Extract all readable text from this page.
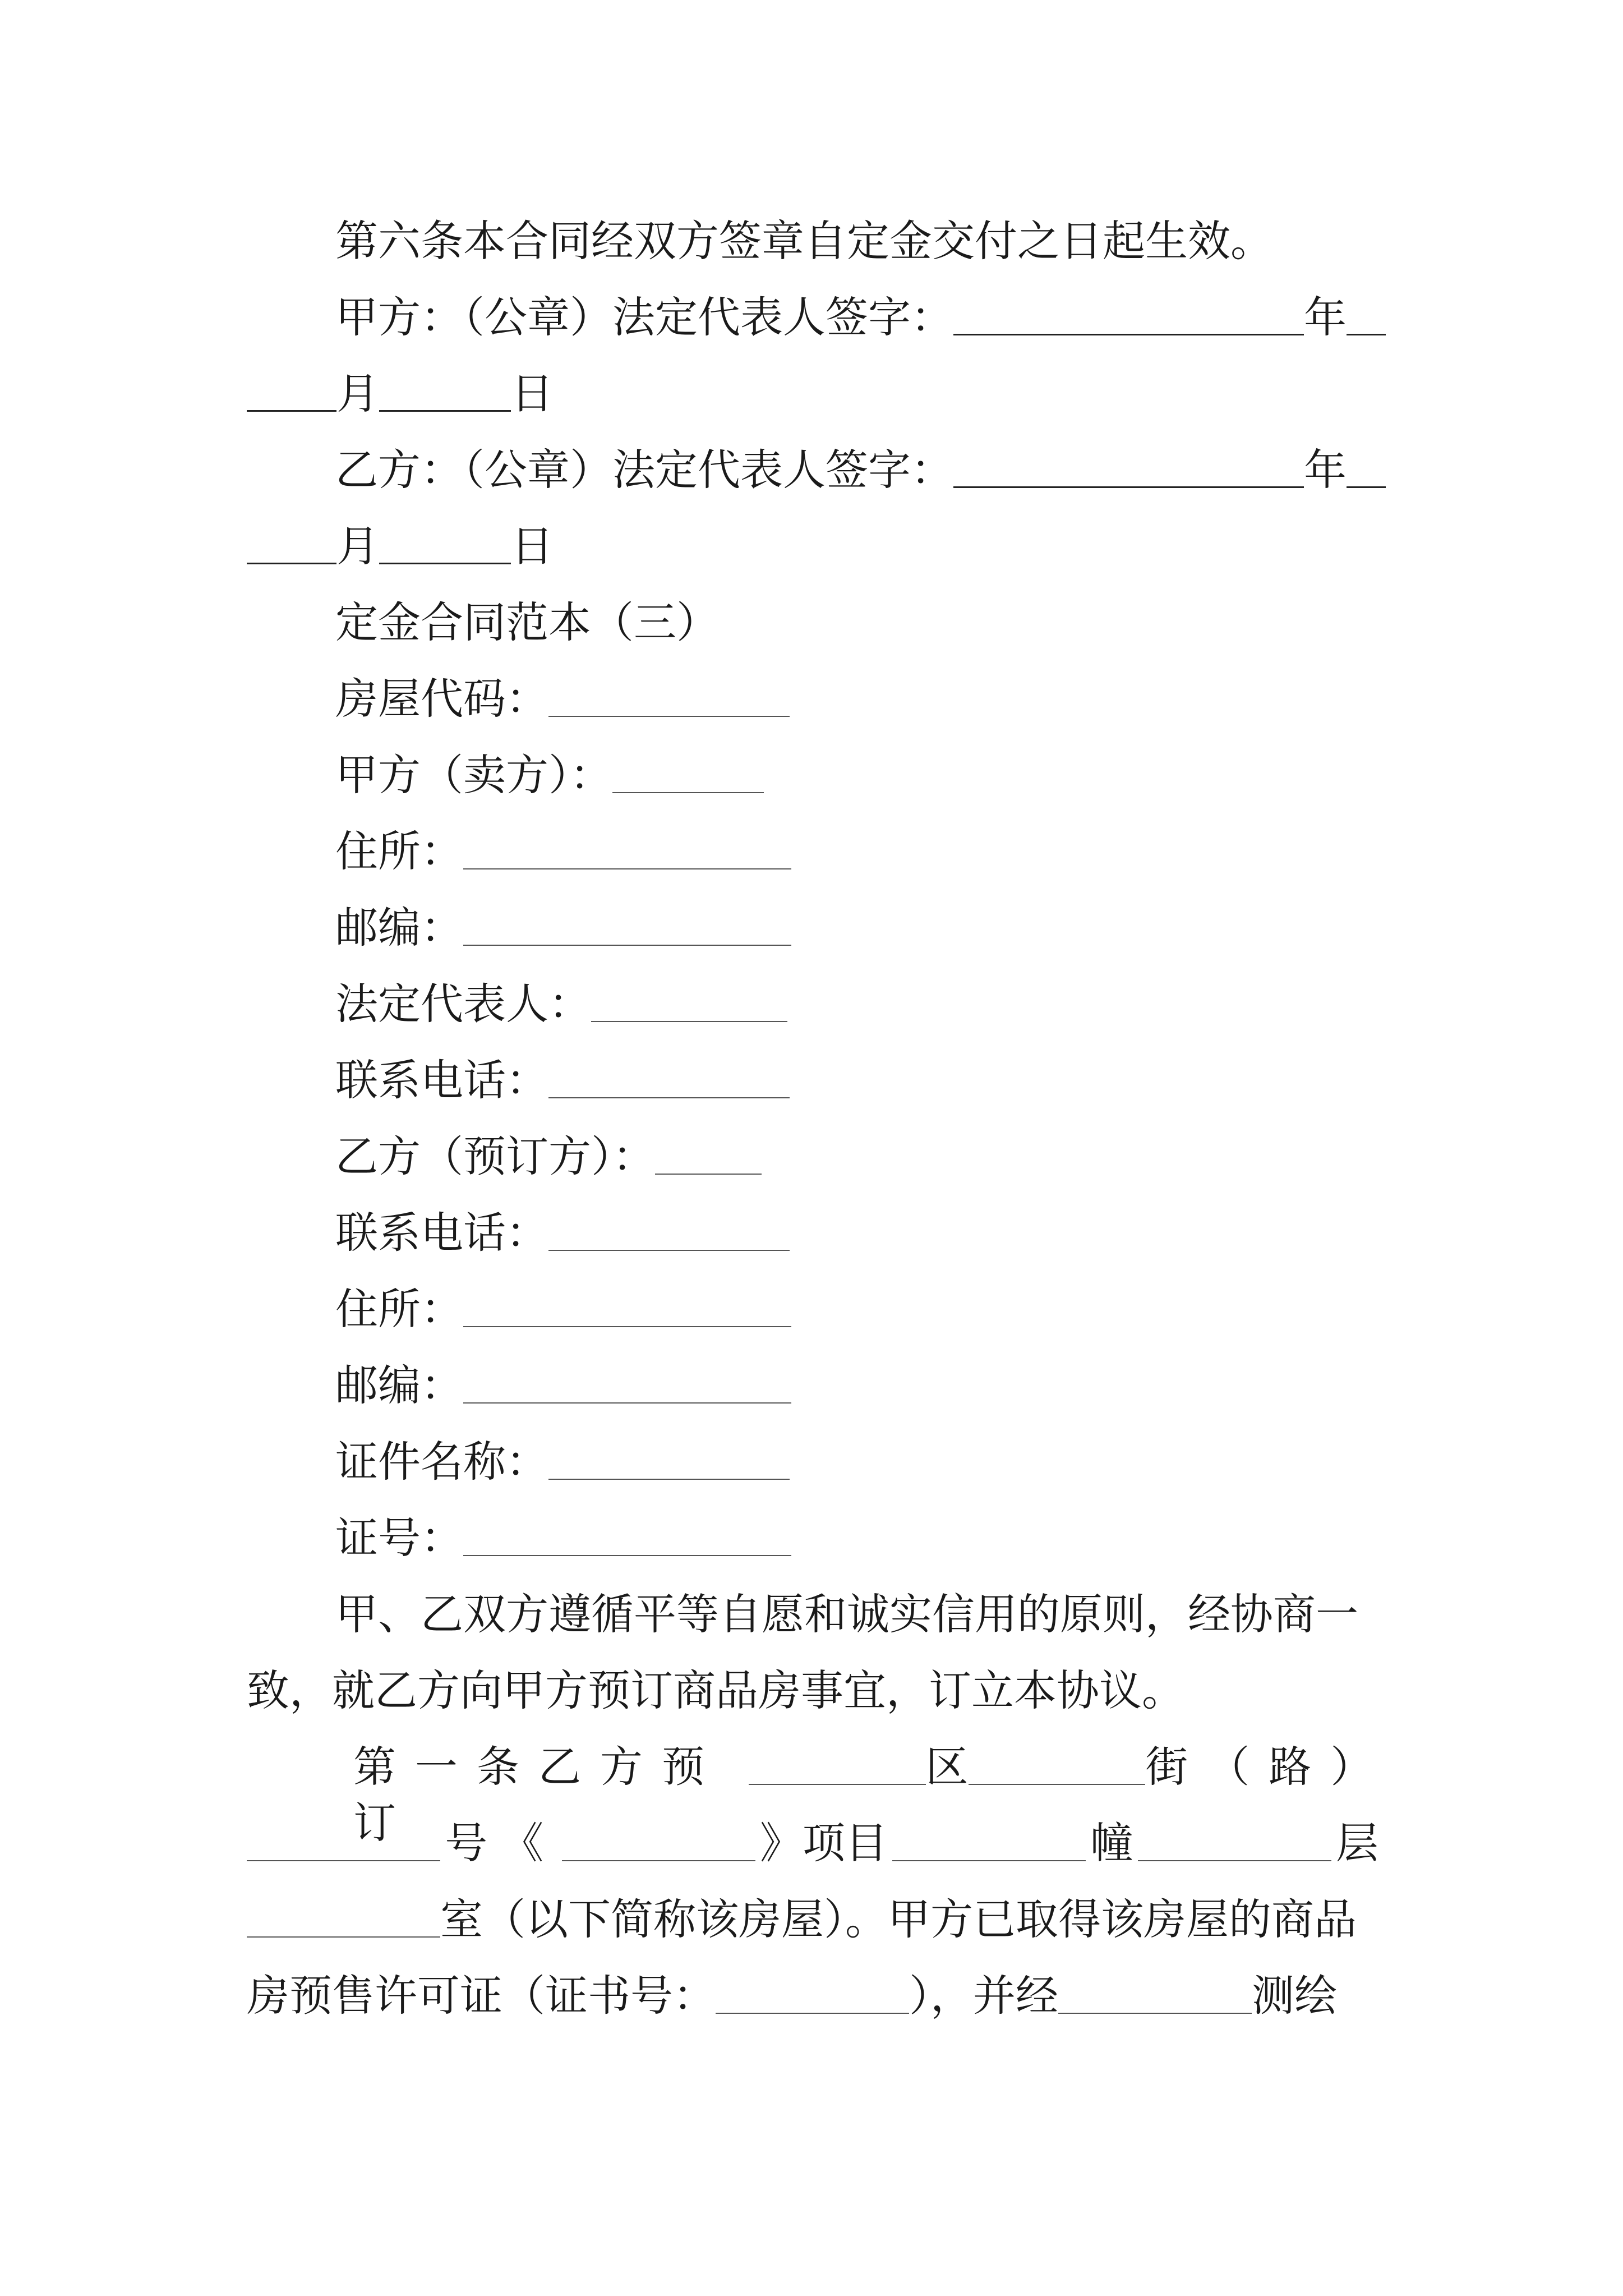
第六条本合同经双方签章自定金交付之日起生效。
甲方：（公章）法定代表人签字：	年
月	日
乙方：（公章）法定代表人签字：	年
月	日
定金合同范本（三）
房屋代码：
甲方（卖方）：
住所：
邮编：
法定代表人：
联系电话：
乙方（预订方）：
联系电话：
住所：
邮编：
证件名称：
证号：
甲、乙双方遵循平等自愿和诚实信用的原则，经协商一
致，就乙方向甲方预订商品房事宜，订立本协议。
第一条乙方预订
区	街（路）
号《	》项目	幢	层
室（以下简称该房屋）。甲方已取得该房屋的商品
房预售许可证（证书号：	），并经	测绘
